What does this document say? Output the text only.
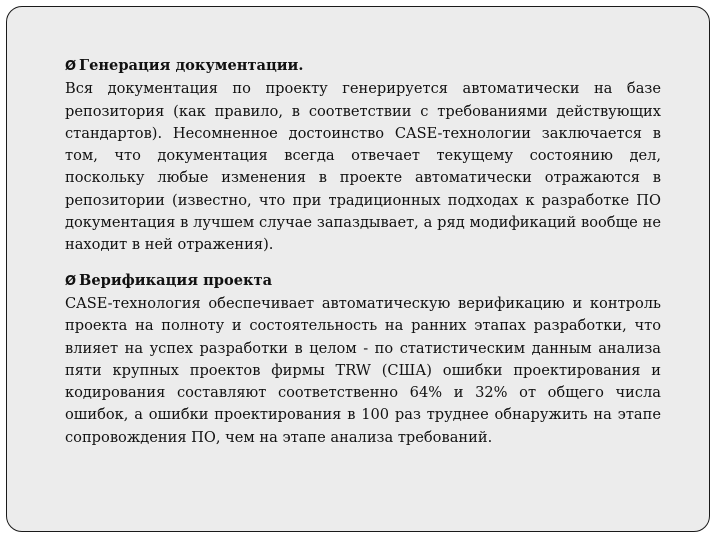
Ø Генерация документации.
Вся документация по проекту генерируется автоматически на базе репозитория (как правило, в соответствии с требованиями действующих стандартов). Несомненное достоинство CASE-технологии заключается в том, что документация всегда отвечает текущему состоянию дел, поскольку любые изменения в проекте автоматически отражаются в репозитории (известно, что при традиционных подходах к разработке ПО документация в лучшем случае запаздывает, а ряд модификаций вообще не находит в ней отражения).
Ø Верификация проекта
CASE-технология обеспечивает автоматическую верификацию и контроль проекта на полноту и состоятельность на ранних этапах разработки, что влияет на успех разработки в целом - по статистическим данным анализа пяти крупных проектов фирмы TRW (США) ошибки проектирования и кодирования составляют соответственно 64% и 32% от общего числа ошибок, а ошибки проектирования в 100 раз труднее обнаружить на этапе сопровождения ПО, чем на этапе анализа требований.
